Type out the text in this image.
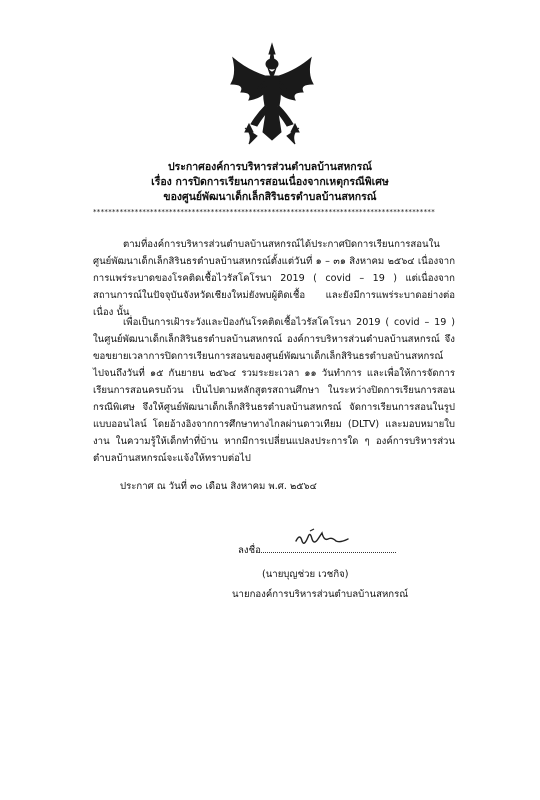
ประกาศองค์การบริหารส่วนตำบลบ้านสหกรณ์
เรื่อง การปิดการเรียนการสอนเนื่องจากเหตุกรณีพิเศษ
ของศูนย์พัฒนาเด็กเล็กสิรินธรตำบลบ้านสหกรณ์
******************************************************************************************

ตามที่องค์การบริหารส่วนตำบลบ้านสหกรณ์ได้ประกาศปิดการเรียนการสอนในศูนย์พัฒนาเด็กเล็กสิรินธรตำบลบ้านสหกรณ์ตั้งแต่วันที่ ๑ – ๓๑ สิงหาคม ๒๕๖๔ เนื่องจากการแพร่ระบาดของโรคติดเชื้อไวรัสโคโรนา 2019 ( covid – 19 ) แต่เนื่องจากสถานการณ์ในปัจจุบันจังหวัดเชียงใหม่ยังพบผู้ติดเชื้อ และยังมีการแพร่ระบาดอย่างต่อเนื่อง นั้น

เพื่อเป็นการเฝ้าระวังและป้องกันโรคติดเชื้อไวรัสโคโรนา 2019 ( covid – 19 ) ในศูนย์พัฒนาเด็กเล็กสิรินธรตำบลบ้านสหกรณ์ องค์การบริหารส่วนตำบลบ้านสหกรณ์ จึงขอขยายเวลาการปิดการเรียนการสอนของศูนย์พัฒนาเด็กเล็กสิรินธรตำบลบ้านสหกรณ์ ไปจนถึงวันที่ ๑๕ กันยายน ๒๕๖๔ รวมระยะเวลา ๑๑ วันทำการ และเพื่อให้การจัดการเรียนการสอนครบถ้วน เป็นไปตามหลักสูตรสถานศึกษา ในระหว่างปิดการเรียนการสอนกรณีพิเศษ จึงให้ศูนย์พัฒนาเด็กเล็กสิรินธรตำบลบ้านสหกรณ์ จัดการเรียนการสอนในรูปแบบออนไลน์ โดยอ้างอิงจากการศึกษาทางไกลผ่านดาวเทียม (DLTV) และมอบหมายใบงาน ในความรู้ให้เด็กทำที่บ้าน หากมีการเปลี่ยนแปลงประการใด ๆ องค์การบริหารส่วนตำบลบ้านสหกรณ์จะแจ้งให้ทราบต่อไป

ประกาศ ณ วันที่ ๓๐ เดือน สิงหาคม พ.ศ. ๒๕๖๔
ลงชื่อ
(นายบุญช่วย เวชกิจ)
นายกองค์การบริหารส่วนตำบลบ้านสหกรณ์
